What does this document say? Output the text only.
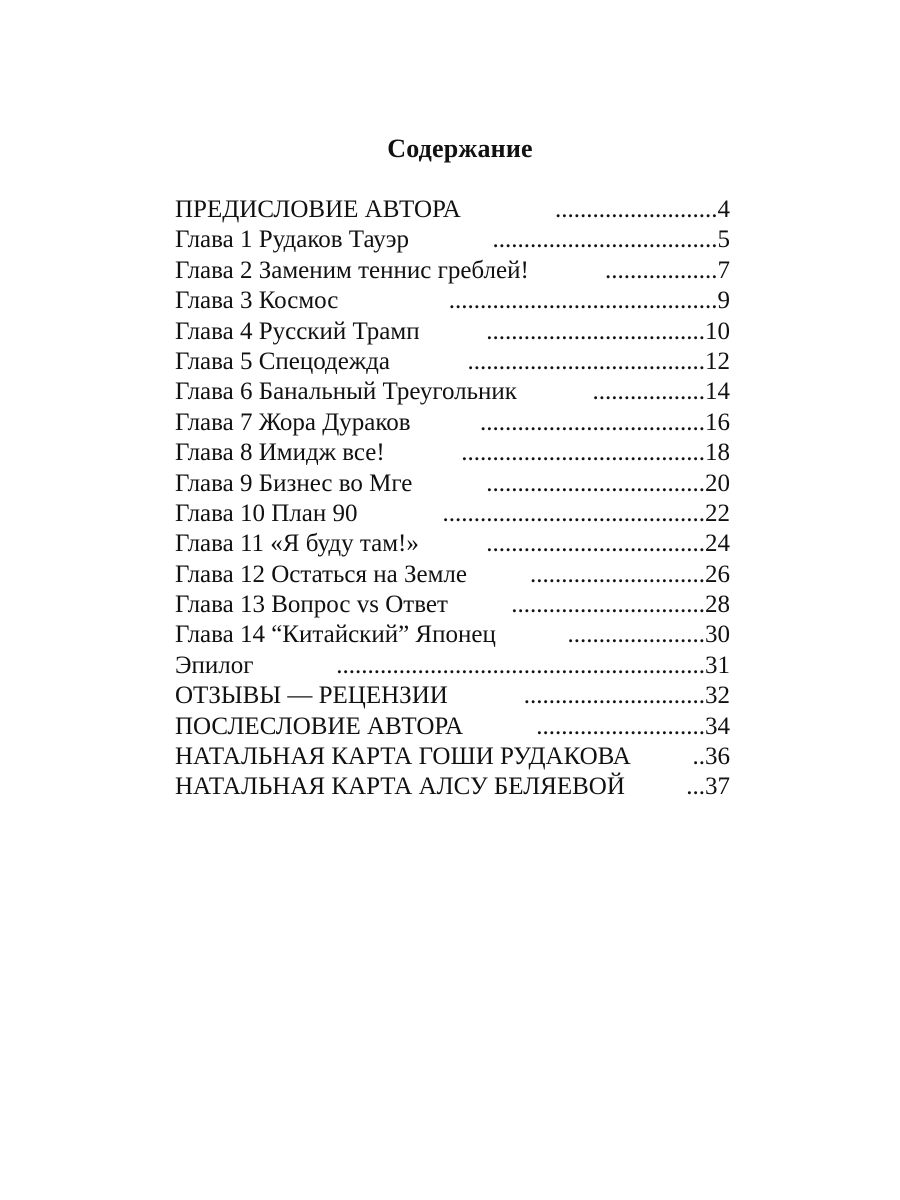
Содержание
ПРЕДИСЛОВИЕ АВТОРА	..........................4
Глава 1 Рудаков Тауэр	....................................5
Глава 2 Заменим теннис греблей!	..................7
Глава 3 Космос	...........................................9
Глава 4 Русский Трамп	...................................10
Глава 5 Спецодежда	......................................12
Глава 6 Банальный Треугольник	..................14
Глава 7 Жора Дураков	....................................16
Глава 8 Имидж все!	.......................................18
Глава 9 Бизнес во Мге	...................................20
Глава 10 План 90	..........................................22
Глава 11 «Я буду там!»	...................................24
Глава 12 Остаться на Земле	............................26
Глава 13 Вопрос vs Ответ	...............................28
Глава 14 “Китайский” Японец	......................30
Эпилог	...........................................................31
ОТЗЫВЫ — РЕЦЕНЗИИ	.............................32
ПОСЛЕСЛОВИЕ АВТОРА	...........................34
НАТАЛЬНАЯ КАРТА ГОШИ РУДАКОВА ..36
НАТАЛЬНАЯ КАРТА АЛСУ БЕЛЯЕВОЙ ...37
